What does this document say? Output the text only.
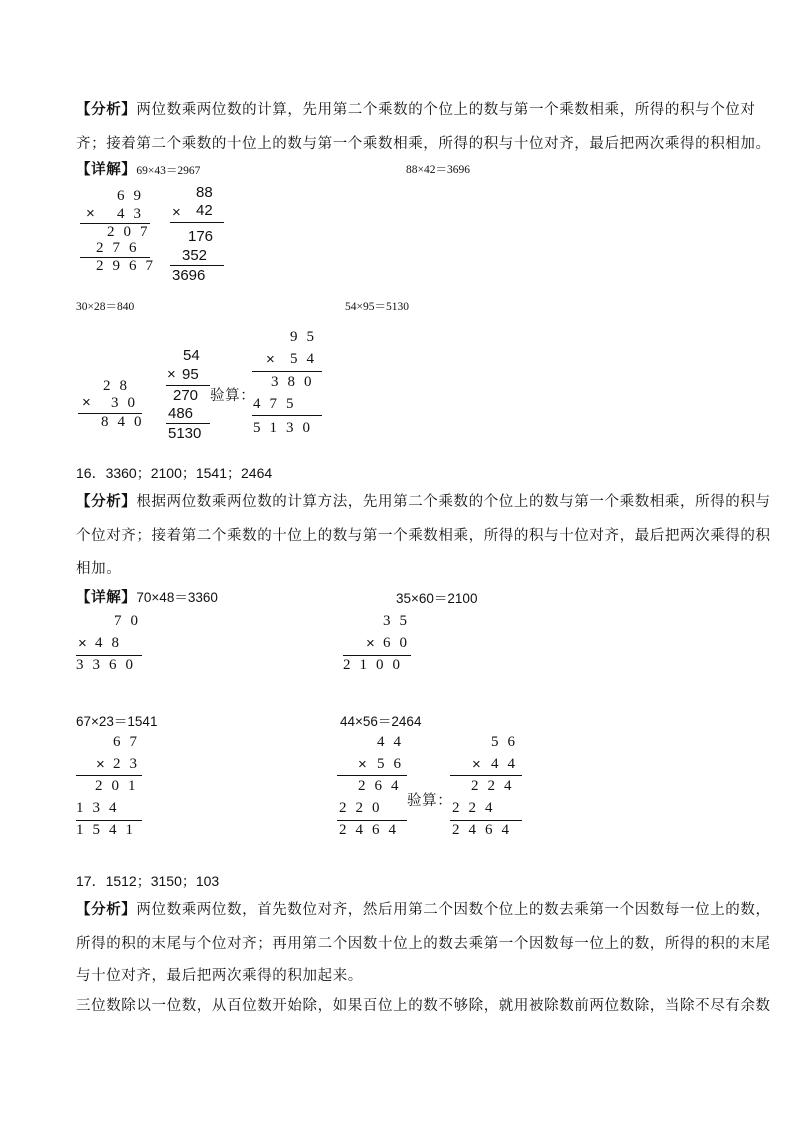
【分析】两位数乘两位数的计算，先用第二个乘数的个位上的数与第一个乘数相乘，所得的积与个位对
齐；接着第二个乘数的十位上的数与第一个乘数相乘，所得的积与十位对齐，最后把两次乘得的积相加。
【详解】69×43＝2967	88×42＝3696
69
× 43
207
276
2967
88
× 42
176
352
3696
30×28＝840	54×95＝5130
28
× 30
840
54
× 95
270
486
5130
验算：
95
× 54
380
475
5130
16．3360；2100；1541；2464
【分析】根据两位数乘两位数的计算方法，先用第二个乘数的个位上的数与第一个乘数相乘，所得的积与
个位对齐；接着第二个乘数的十位上的数与第一个乘数相乘，所得的积与十位对齐，最后把两次乘得的积
相加。
【详解】70×48＝3360	35×60＝2100
70
× 48
3360
35
× 60
2100
67×23＝1541	44×56＝2464
67
× 23
201
134
1541
44
× 56
264
220
2464
验算：
56
× 44
224
224
2464
17．1512；3150；103
【分析】两位数乘两位数，首先数位对齐，然后用第二个因数个位上的数去乘第一个因数每一位上的数，
所得的积的末尾与个位对齐；再用第二个因数十位上的数去乘第一个因数每一位上的数，所得的积的末尾
与十位对齐，最后把两次乘得的积加起来。
三位数除以一位数，从百位数开始除，如果百位上的数不够除，就用被除数前两位数除，当除不尽有余数
